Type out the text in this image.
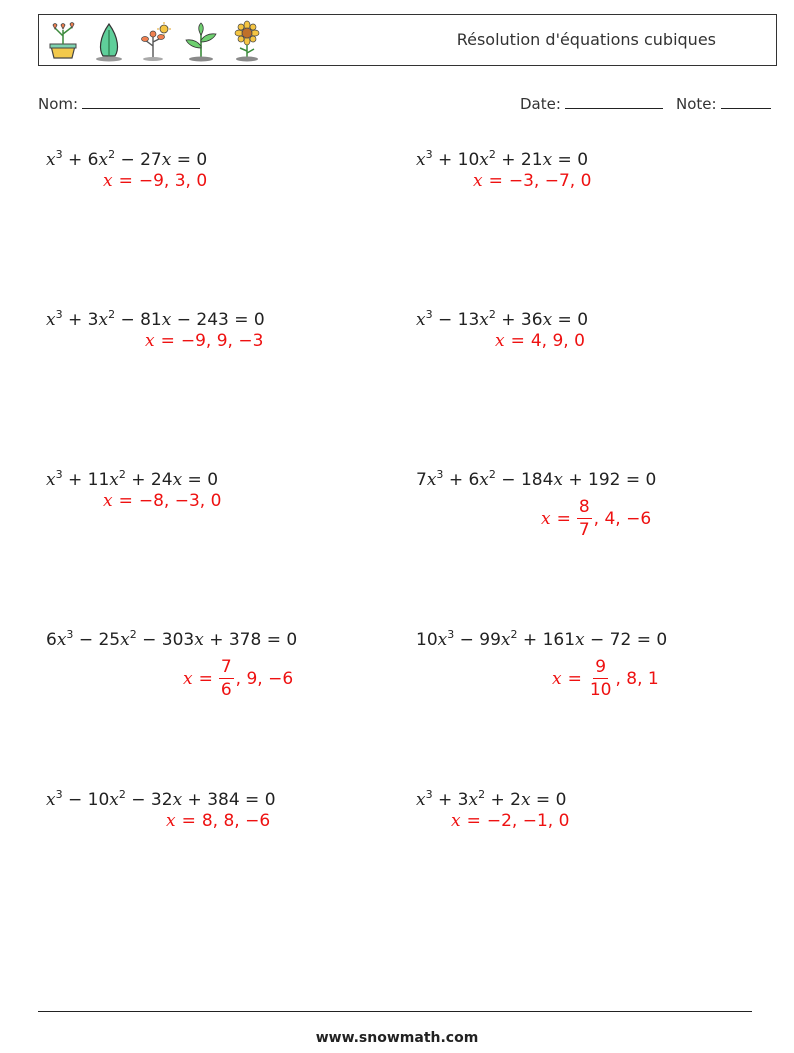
Résolution d'équations cubiques
Nom:	Date:	Note:
$x^3 + 6x^2 - 27x = 0$
x = −9, 3, 0
$x^3 + 10x^2 + 21x = 0$
x = −3, −7, 0
$x^3 + 3x^2 - 81x - 243 = 0$
x = −9, 9, −3
$x^3 - 13x^2 + 36x = 0$
x = 4, 9, 0
$x^3 + 11x^2 + 24x = 0$
x = −8, −3, 0
$7x^3 + 6x^2 - 184x + 192 = 0$
$x = \frac{8}{7}$ , 4, −6
$6x^3 - 25x^2 - 303x + 378 = 0$
$x = \frac{7}{6}$ , 9, −6
$10x^3 - 99x^2 + 161x - 72 = 0$
$x = \frac{9}{10}$ , 8, 1
$x^3 - 10x^2 - 32x + 384 = 0$
x = 8, 8, −6
$x^3 + 3x^2 + 2x = 0$
x = −2, −1, 0
www.snowmath.com
